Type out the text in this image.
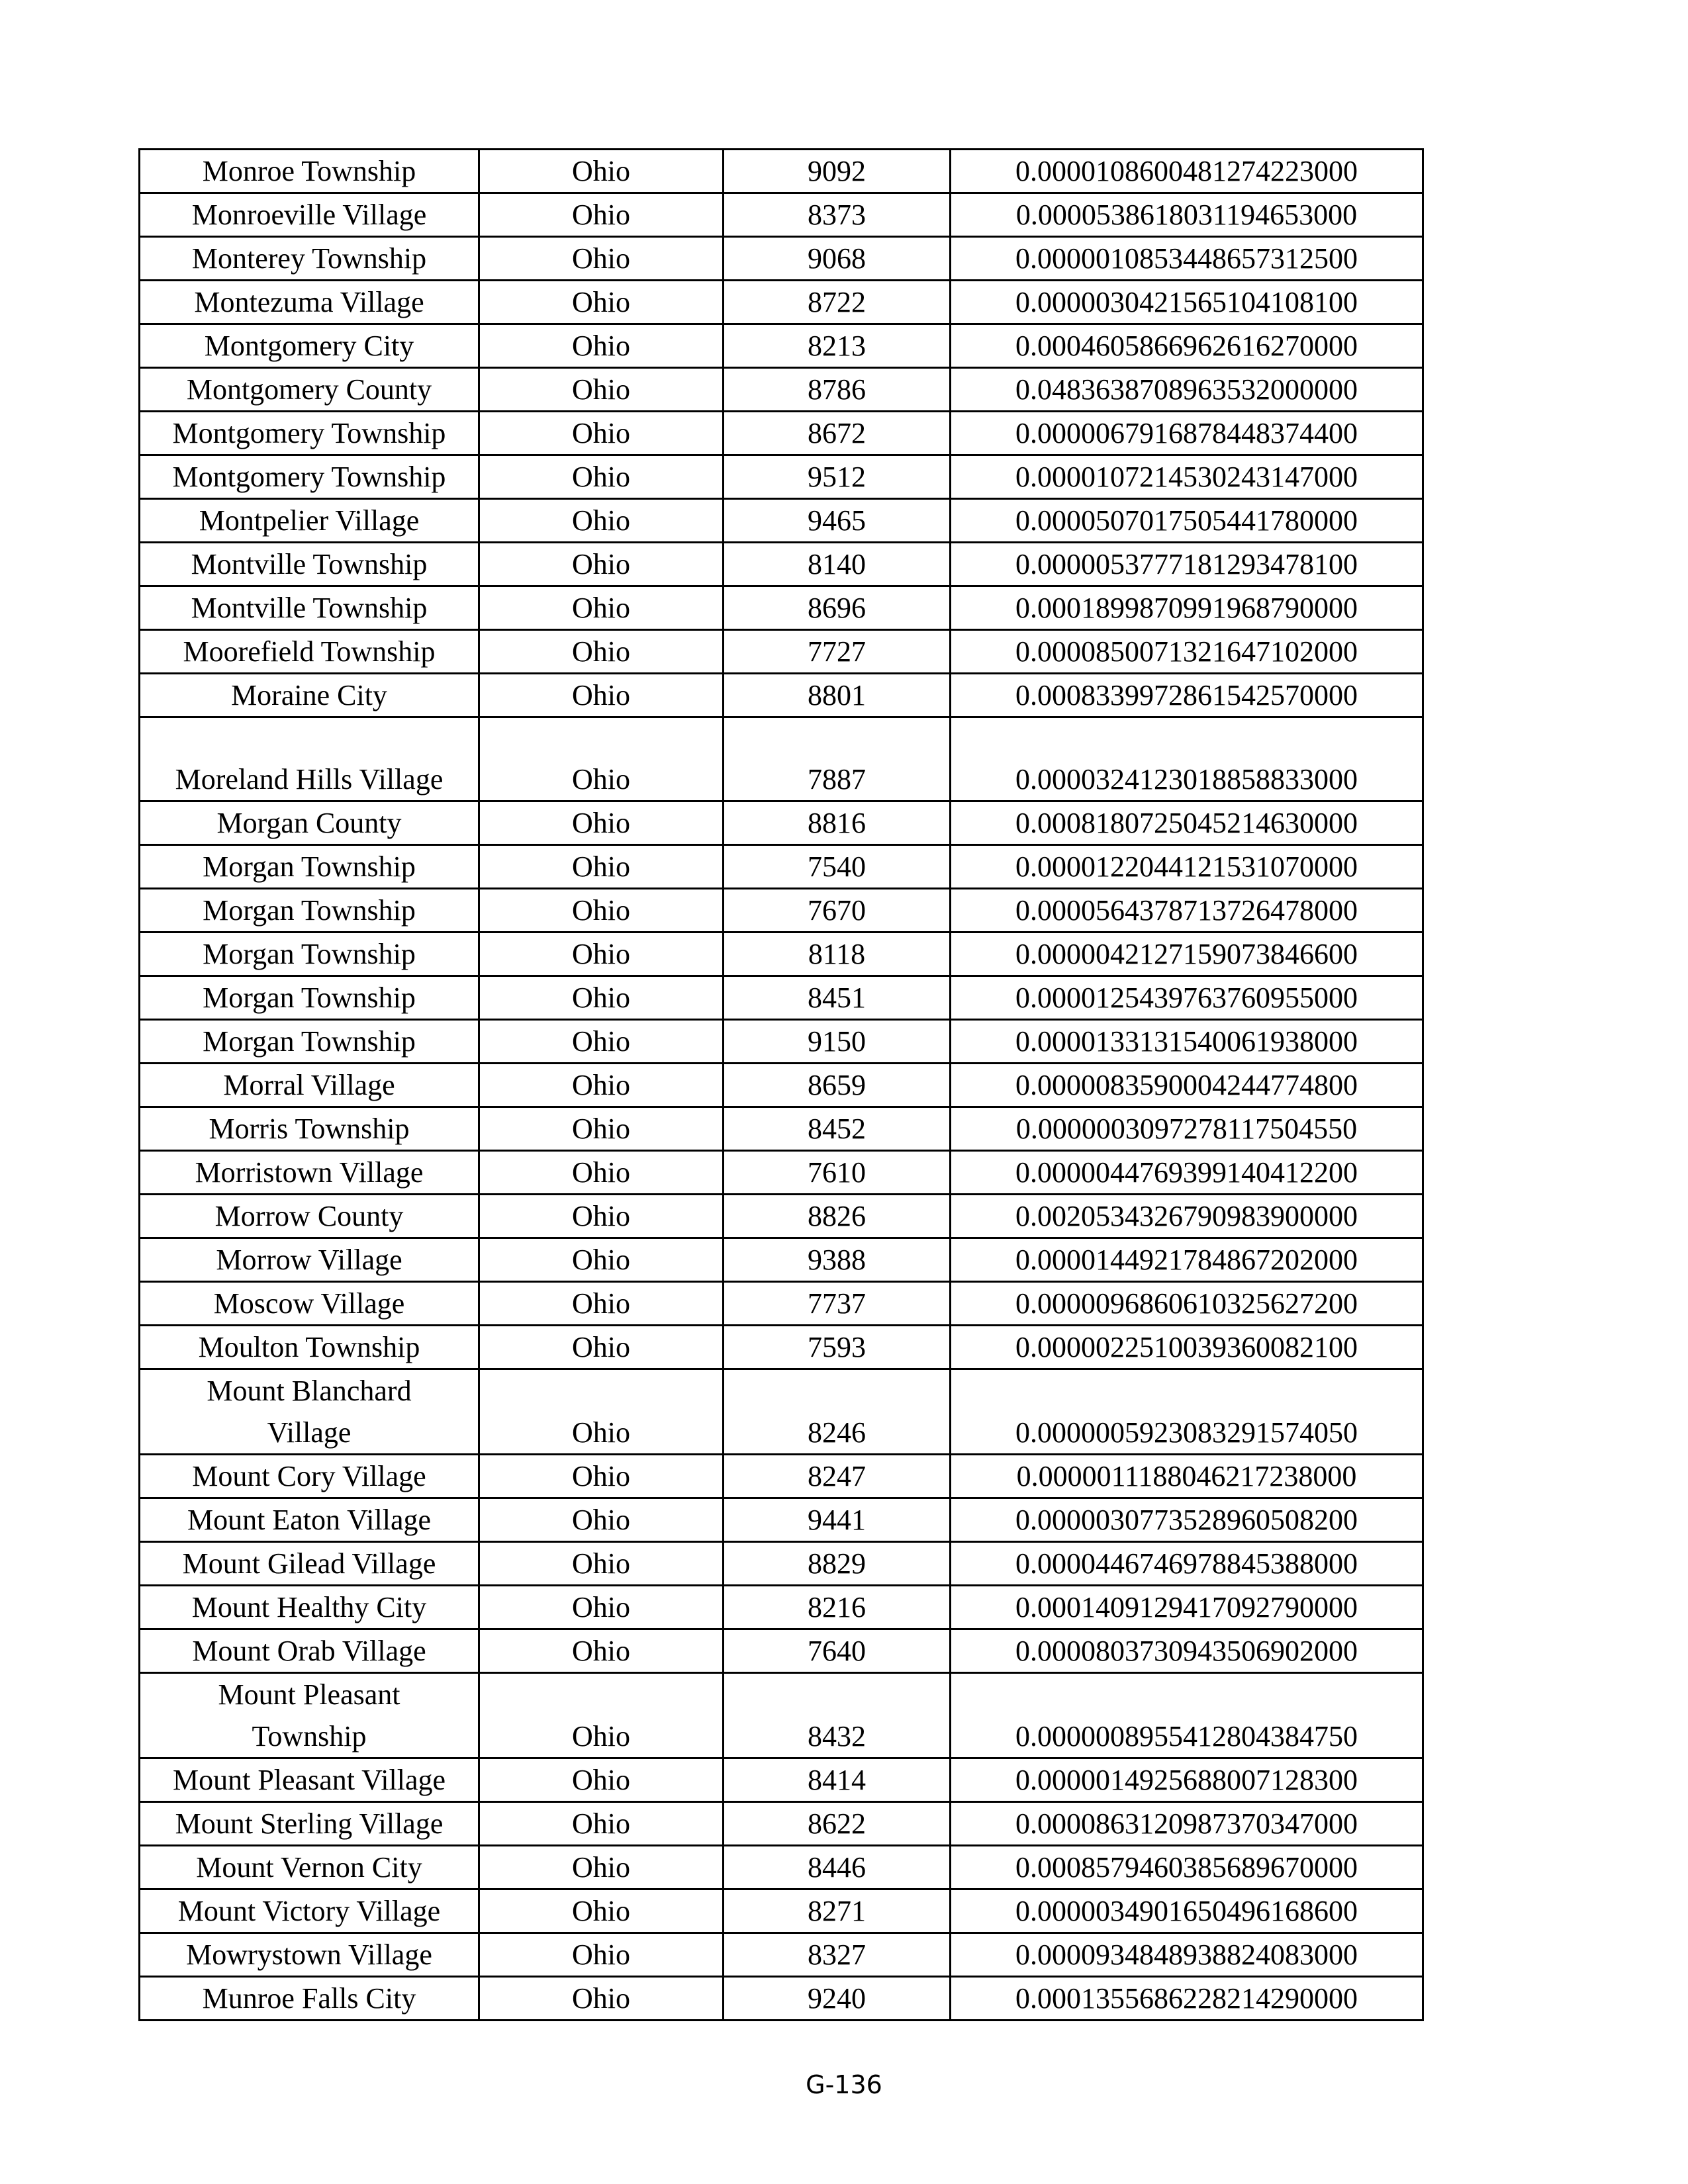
Monroe Township	Ohio	9092	0.0000108600481274223000
Monroeville Village	Ohio	8373	0.0000538618031194653000
Monterey Township	Ohio	9068	0.0000010853448657312500
Montezuma Village	Ohio	8722	0.0000030421565104108100
Montgomery City	Ohio	8213	0.0004605866962616270000
Montgomery County	Ohio	8786	0.0483638708963532000000
Montgomery Township	Ohio	8672	0.0000067916878448374400
Montgomery Township	Ohio	9512	0.0000107214530243147000
Montpelier Village	Ohio	9465	0.0000507017505441780000
Montville Township	Ohio	8140	0.0000053777181293478100
Montville Township	Ohio	8696	0.0001899870991968790000
Moorefield Township	Ohio	7727	0.0000850071321647102000
Moraine City	Ohio	8801	0.0008339972861542570000
Moreland Hills Village	Ohio	7887	0.0000324123018858833000
Morgan County	Ohio	8816	0.0008180725045214630000
Morgan Township	Ohio	7540	0.0000122044121531070000
Morgan Township	Ohio	7670	0.0000564378713726478000
Morgan Township	Ohio	8118	0.0000042127159073846600
Morgan Township	Ohio	8451	0.0000125439763760955000
Morgan Township	Ohio	9150	0.0000133131540061938000
Morral Village	Ohio	8659	0.0000083590004244774800
Morris Township	Ohio	8452	0.0000003097278117504550
Morristown Village	Ohio	7610	0.0000044769399140412200
Morrow County	Ohio	8826	0.0020534326790983900000
Morrow Village	Ohio	9388	0.0000144921784867202000
Moscow Village	Ohio	7737	0.0000096860610325627200
Moulton Township	Ohio	7593	0.0000022510039360082100
Mount Blanchard
Village	Ohio	8246	0.0000005923083291574050
Mount Cory Village	Ohio	8247	0.0000011188046217238000
Mount Eaton Village	Ohio	9441	0.0000030773528960508200
Mount Gilead Village	Ohio	8829	0.0000446746978845388000
Mount Healthy City	Ohio	8216	0.0001409129417092790000
Mount Orab Village	Ohio	7640	0.0000803730943506902000
Mount Pleasant
Township	Ohio	8432	0.0000008955412804384750
Mount Pleasant Village	Ohio	8414	0.0000014925688007128300
Mount Sterling Village	Ohio	8622	0.0000863120987370347000
Mount Vernon City	Ohio	8446	0.0008579460385689670000
Mount Victory Village	Ohio	8271	0.0000034901650496168600
Mowrystown Village	Ohio	8327	0.0000934848938824083000
Munroe Falls City	Ohio	9240	0.0001355686228214290000
G-136
